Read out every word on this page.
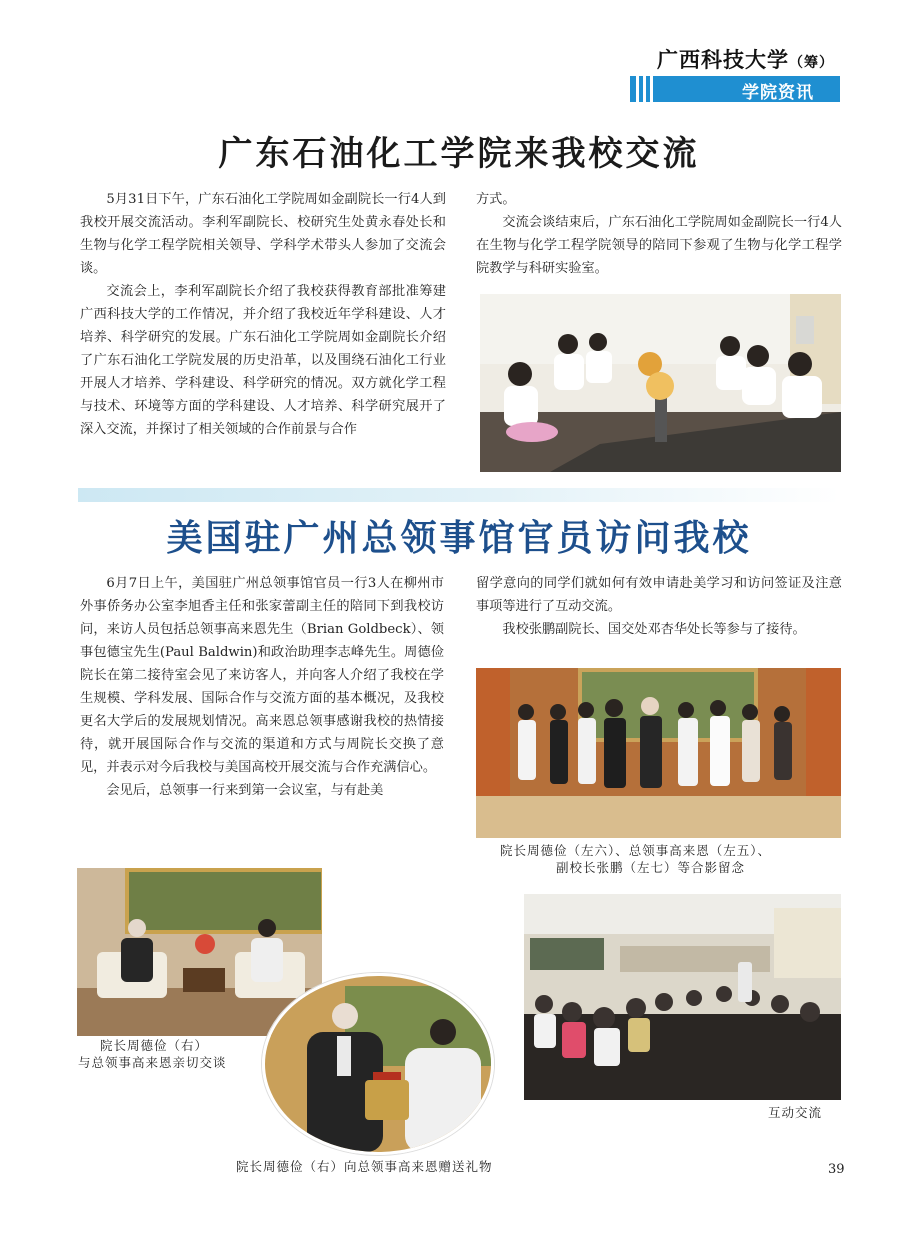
广西科技大学（筹）
学院资讯
广东石油化工学院来我校交流

5月31日下午，广东石油化工学院周如金副院长一行4人到我校开展交流活动。李利军副院长、校研究生处黄永春处长和生物与化学工程学院相关领导、学科学术带头人参加了交流会谈。

交流会上，李利军副院长介绍了我校获得教育部批准筹建广西科技大学的工作情况，并介绍了我校近年学科建设、人才培养、科学研究的发展。广东石油化工学院周如金副院长介绍了广东石油化工学院发展的历史沿革，以及围绕石油化工行业开展人才培养、学科建设、科学研究的情况。双方就化学工程与技术、环境等方面的学科建设、人才培养、科学研究展开了深入交流，并探讨了相关领域的合作前景与合作

方式。

交流会谈结束后，广东石油化工学院周如金副院长一行4人在生物与化学工程学院领导的陪同下参观了生物与化学工程学院教学与科研实验室。

美国驻广州总领事馆官员访问我校

6月7日上午，美国驻广州总领事馆官员一行3人在柳州市外事侨务办公室李旭香主任和张家蕾副主任的陪同下到我校访问，来访人员包括总领事高来恩先生（Brian Goldbeck）、领事包德宝先生(Paul Baldwin)和政治助理李志峰先生。周德俭院长在第二接待室会见了来访客人，并向客人介绍了我校在学生规模、学科发展、国际合作与交流方面的基本概况，及我校更名大学后的发展规划情况。高来恩总领事感谢我校的热情接待，就开展国际合作与交流的渠道和方式与周院长交换了意见，并表示对今后我校与美国高校开展交流与合作充满信心。

会见后，总领事一行来到第一会议室，与有赴美

留学意向的同学们就如何有效申请赴美学习和访问签证及注意事项等进行了互动交流。

我校张鹏副院长、国交处邓杏华处长等参与了接待。

院长周德俭（左六）、总领事高来恩（左五）、
副校长张鹏（左七）等合影留念
院长周德俭（右）
与总领事高来恩亲切交谈
院长周德俭（右）向总领事高来恩赠送礼物
互动交流
39
